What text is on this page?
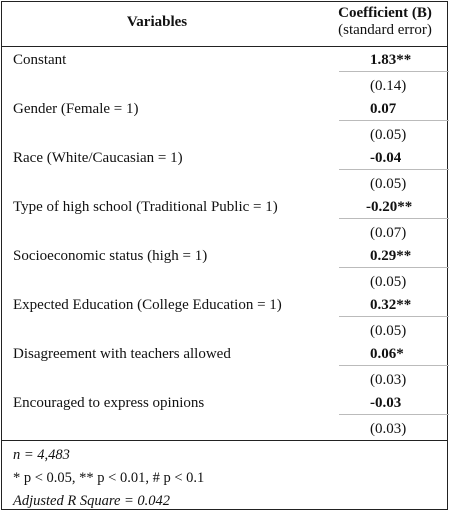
Variables
Coefficient (B)
(standard error)
Constant	1.83**
(0.14)
Gender (Female = 1)	0.07
(0.05)
Race (White/Caucasian = 1)	-0.04
(0.05)
Type of high school (Traditional Public = 1)	-0.20**
(0.07)
Socioeconomic status (high = 1)	0.29**
(0.05)
Expected Education (College Education = 1)	0.32**
(0.05)
Disagreement with teachers allowed	0.06*
(0.03)
Encouraged to express opinions	-0.03
(0.03)
n = 4,483
* p < 0.05, ** p < 0.01, # p < 0.1
Adjusted R Square = 0.042
